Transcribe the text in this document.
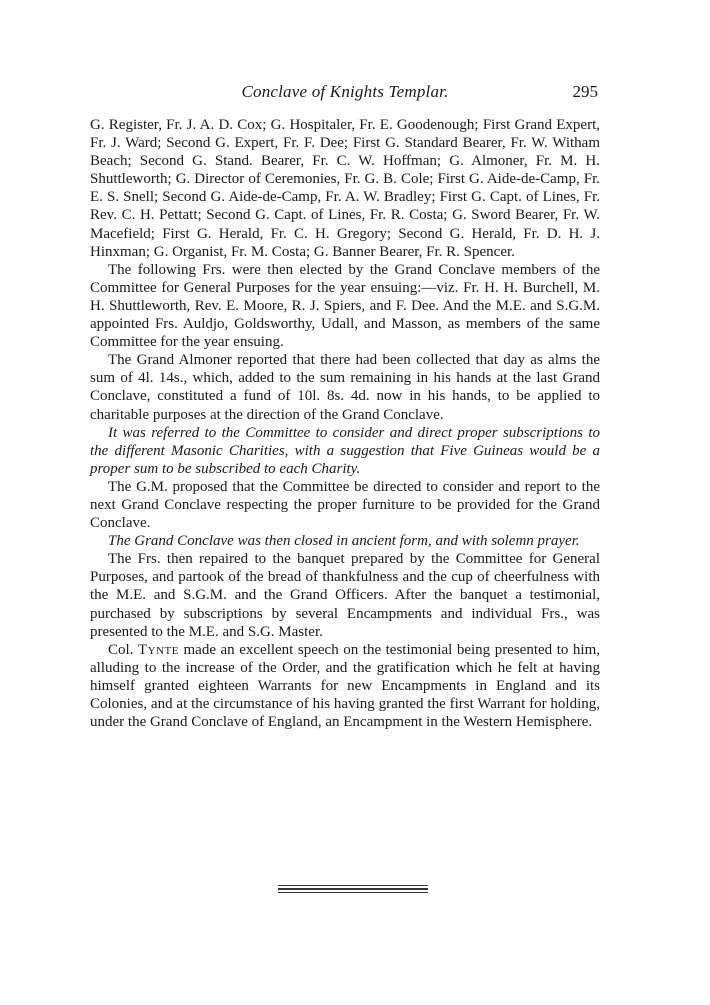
Conclave of Knights Templar.	295

G. Register, Fr. J. A. D. Cox; G. Hospitaler, Fr. E. Goodenough; First Grand Expert, Fr. J. Ward; Second G. Expert, Fr. F. Dee; First G. Standard Bearer, Fr. W. Witham Beach; Second G. Stand. Bearer, Fr. C. W. Hoffman; G. Almoner, Fr. M. H. Shuttleworth; G. Director of Ceremonies, Fr. G. B. Cole; First G. Aide-de-Camp, Fr. E. S. Snell; Second G. Aide-de-Camp, Fr. A. W. Bradley; First G. Capt. of Lines, Fr. Rev. C. H. Pettatt; Second G. Capt. of Lines, Fr. R. Costa; G. Sword Bearer, Fr. W. Macefield; First G. Herald, Fr. C. H. Gregory; Second G. Herald, Fr. D. H. J. Hinxman; G. Organist, Fr. M. Costa; G. Banner Bearer, Fr. R. Spencer.

The following Frs. were then elected by the Grand Conclave members of the Committee for General Purposes for the year ensuing:—viz. Fr. H. H. Burchell, M. H. Shuttleworth, Rev. E. Moore, R. J. Spiers, and F. Dee. And the M.E. and S.G.M. appointed Frs. Auldjo, Goldsworthy, Udall, and Masson, as members of the same Committee for the year ensuing.

The Grand Almoner reported that there had been collected that day as alms the sum of 4l. 14s., which, added to the sum remaining in his hands at the last Grand Conclave, constituted a fund of 10l. 8s. 4d. now in his hands, to be applied to charitable purposes at the direction of the Grand Conclave.

It was referred to the Committee to consider and direct proper subscriptions to the different Masonic Charities, with a suggestion that Five Guineas would be a proper sum to be subscribed to each Charity.

The G.M. proposed that the Committee be directed to consider and report to the next Grand Conclave respecting the proper furniture to be provided for the Grand Conclave.

The Grand Conclave was then closed in ancient form, and with solemn prayer.

The Frs. then repaired to the banquet prepared by the Committee for General Purposes, and partook of the bread of thankfulness and the cup of cheerfulness with the M.E. and S.G.M. and the Grand Officers. After the banquet a testimonial, purchased by subscriptions by several Encampments and individual Frs., was presented to the M.E. and S.G. Master.

Col. Tynte made an excellent speech on the testimonial being presented to him, alluding to the increase of the Order, and the gratification which he felt at having himself granted eighteen Warrants for new Encampments in England and its Colonies, and at the circumstance of his having granted the first Warrant for holding, under the Grand Conclave of England, an Encampment in the Western Hemisphere.
